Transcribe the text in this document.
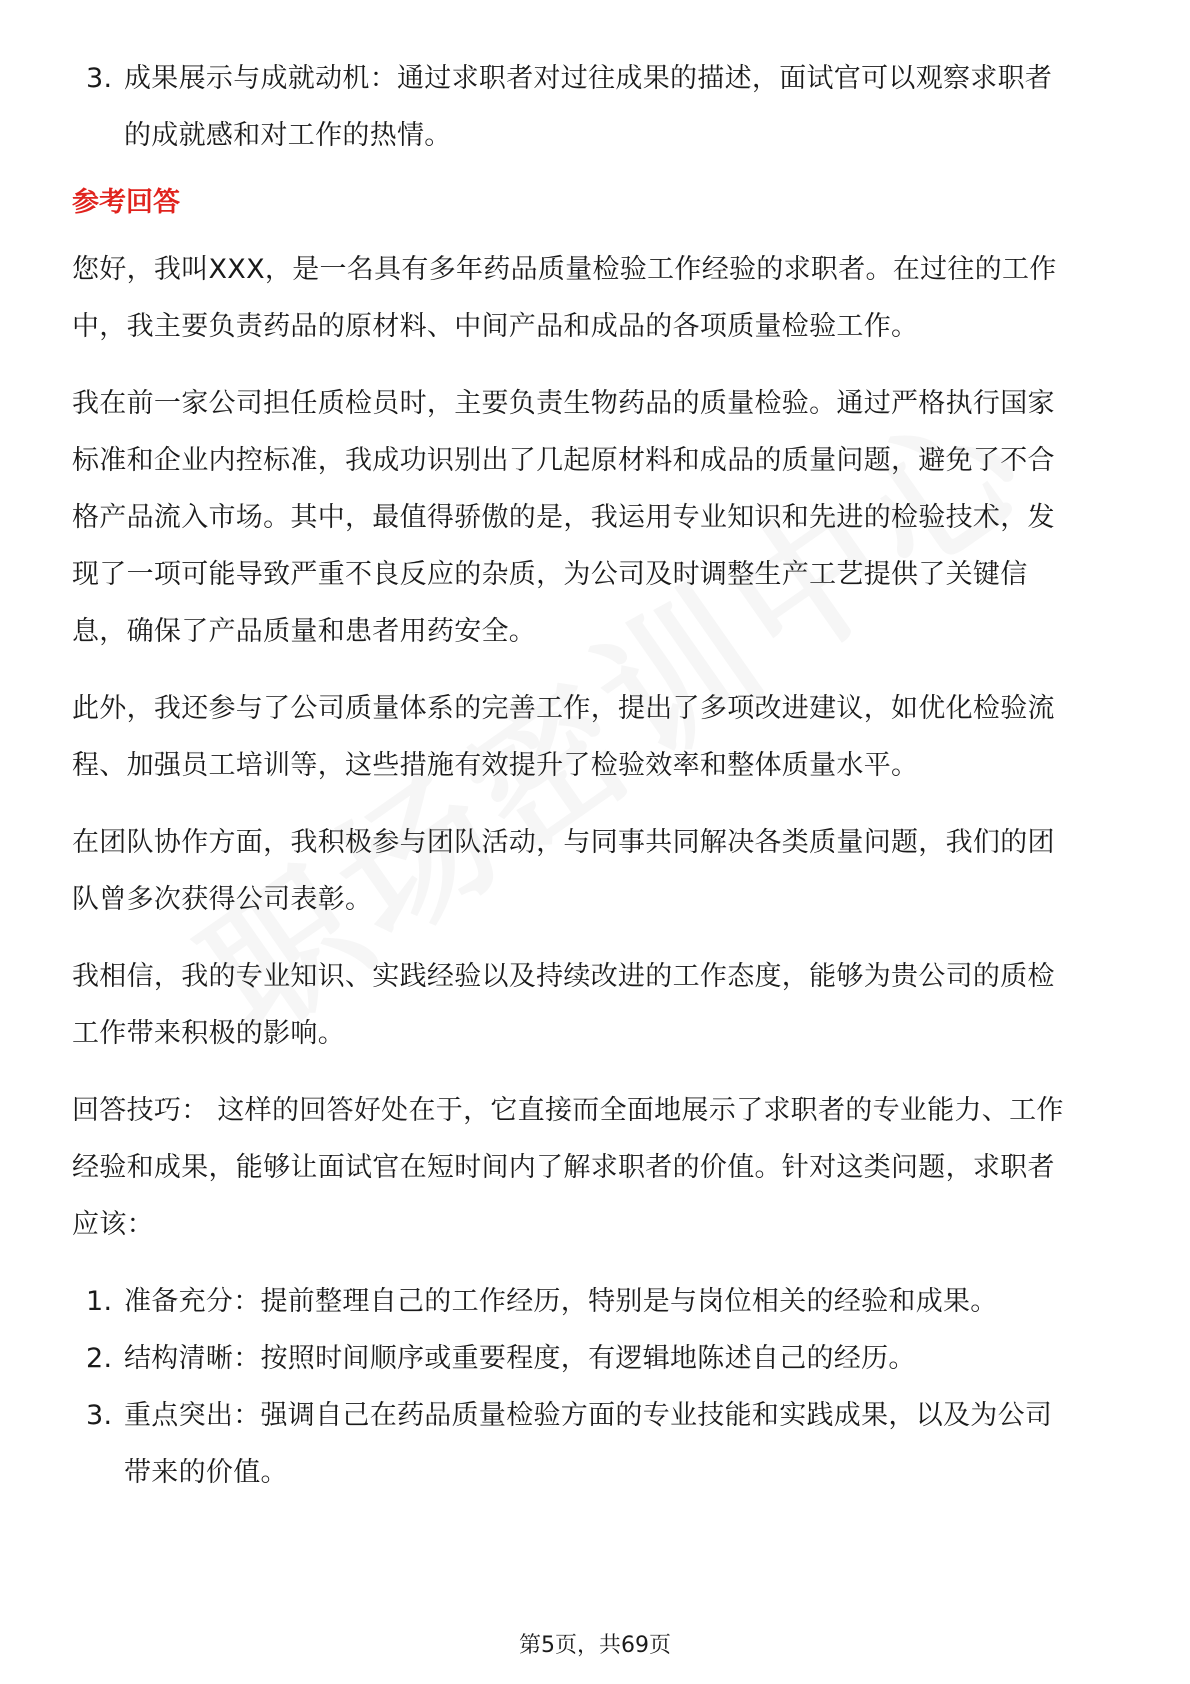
3. 成果展示与成就动机：通过求职者对过往成果的描述，面试官可以观察求职者
的成就感和对工作的热情。
参考回答
您好，我叫XXX，是一名具有多年药品质量检验工作经验的求职者。在过往的工作
中，我主要负责药品的原材料、中间产品和成品的各项质量检验工作。
我在前一家公司担任质检员时，主要负责生物药品的质量检验。通过严格执行国家
标准和企业内控标准，我成功识别出了几起原材料和成品的质量问题，避免了不合
格产品流入市场。其中，最值得骄傲的是，我运用专业知识和先进的检验技术，发
现了一项可能导致严重不良反应的杂质，为公司及时调整生产工艺提供了关键信
息，确保了产品质量和患者用药安全。
此外，我还参与了公司质量体系的完善工作，提出了多项改进建议，如优化检验流
程、加强员工培训等，这些措施有效提升了检验效率和整体质量水平。
在团队协作方面，我积极参与团队活动，与同事共同解决各类质量问题，我们的团
队曾多次获得公司表彰。
我相信，我的专业知识、实践经验以及持续改进的工作态度，能够为贵公司的质检
工作带来积极的影响。
回答技巧： 这样的回答好处在于，它直接而全面地展示了求职者的专业能力、工作
经验和成果，能够让面试官在短时间内了解求职者的价值。针对这类问题，求职者
应该：
1. 准备充分：提前整理自己的工作经历，特别是与岗位相关的经验和成果。
2. 结构清晰：按照时间顺序或重要程度，有逻辑地陈述自己的经历。
3. 重点突出：强调自己在药品质量检验方面的专业技能和实践成果，以及为公司
带来的价值。
第5页，共69页
